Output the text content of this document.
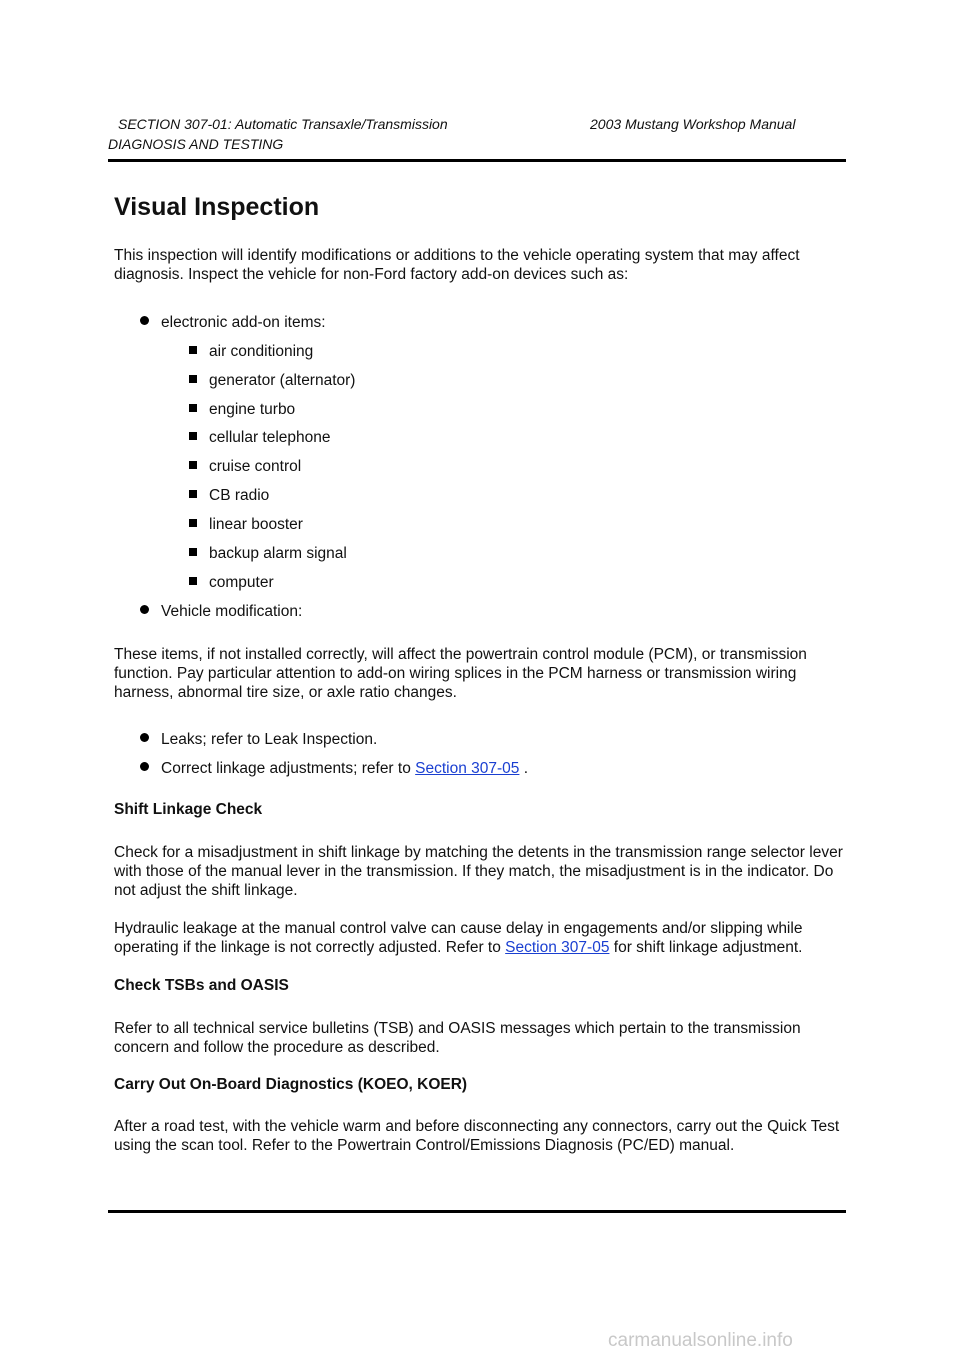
SECTION 307-01: Automatic Transaxle/Transmission	2003 Mustang Workshop Manual
DIAGNOSIS AND TESTING
Visual Inspection

This inspection will identify modifications or additions to the vehicle operating system that may affect diagnosis. Inspect the vehicle for non-Ford factory add-on devices such as:

electronic add-on items:
air conditioning
generator (alternator)
engine turbo
cellular telephone
cruise control
CB radio
linear booster
backup alarm signal
computer
Vehicle modification:

These items, if not installed correctly, will affect the powertrain control module (PCM), or transmission function. Pay particular attention to add-on wiring splices in the PCM harness or transmission wiring harness, abnormal tire size, or axle ratio changes.

Leaks; refer to Leak Inspection.
Correct linkage adjustments; refer to Section 307-05 .
Shift Linkage Check

Check for a misadjustment in shift linkage by matching the detents in the transmission range selector lever with those of the manual lever in the transmission. If they match, the misadjustment is in the indicator. Do not adjust the shift linkage.

Hydraulic leakage at the manual control valve can cause delay in engagements and/or slipping while operating if the linkage is not correctly adjusted. Refer to Section 307-05 for shift linkage adjustment.

Check TSBs and OASIS

Refer to all technical service bulletins (TSB) and OASIS messages which pertain to the transmission concern and follow the procedure as described.

Carry Out On-Board Diagnostics (KOEO, KOER)

After a road test, with the vehicle warm and before disconnecting any connectors, carry out the Quick Test using the scan tool. Refer to the Powertrain Control/Emissions Diagnosis (PC/ED) manual.

carmanualsonline.info
